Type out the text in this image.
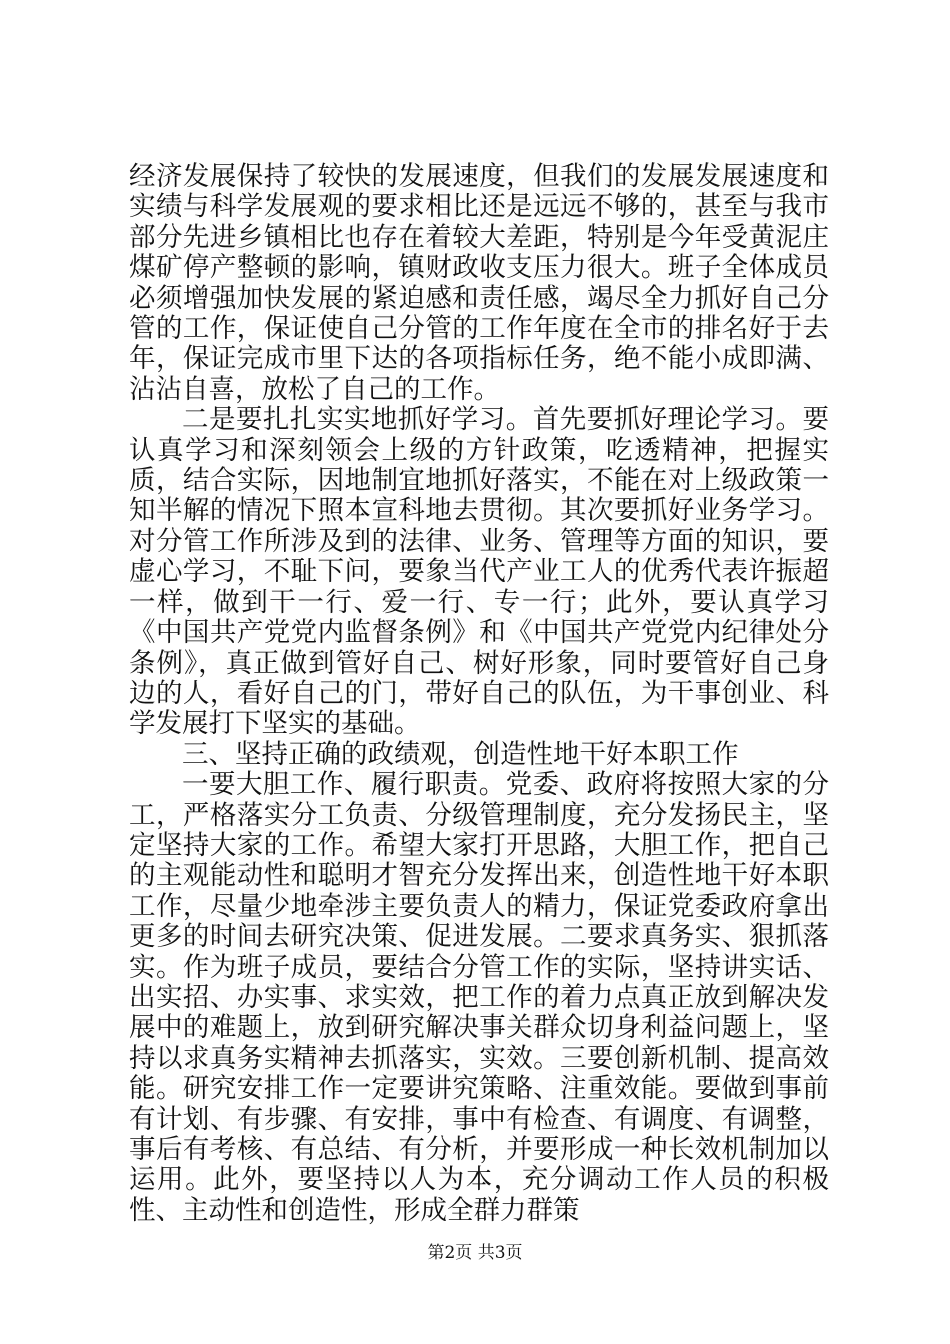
经济发展保持了较快的发展速度，但我们的发展发展速度和实绩与科学发展观的要求相比还是远远不够的，甚至与我市部分先进乡镇相比也存在着较大差距，特别是今年受黄泥庄煤矿停产整顿的影响，镇财政收支压力很大。班子全体成员必须增强加快发展的紧迫感和责任感，竭尽全力抓好自己分管的工作，保证使自己分管的工作年度在全市的排名好于去年，保证完成市里下达的各项指标任务，绝不能小成即满、沾沾自喜，放松了自己的工作。

二是要扎扎实实地抓好学习。首先要抓好理论学习。要认真学习和深刻领会上级的方针政策，吃透精神，把握实质，结合实际，因地制宜地抓好落实，不能在对上级政策一知半解的情况下照本宣科地去贯彻。其次要抓好业务学习。对分管工作所涉及到的法律、业务、管理等方面的知识，要虚心学习，不耻下问，要象当代产业工人的优秀代表许振超一样，做到干一行、爱一行、专一行；此外，要认真学习《中国共产党党内监督条例》和《中国共产党党内纪律处分条例》，真正做到管好自己、树好形象，同时要管好自己身边的人，看好自己的门，带好自己的队伍，为干事创业、科学发展打下坚实的基础。

三、坚持正确的政绩观，创造性地干好本职工作

一要大胆工作、履行职责。党委、政府将按照大家的分工，严格落实分工负责、分级管理制度，充分发扬民主，坚定坚持大家的工作。希望大家打开思路，大胆工作，把自己的主观能动性和聪明才智充分发挥出来，创造性地干好本职工作，尽量少地牵涉主要负责人的精力，保证党委政府拿出更多的时间去研究决策、促进发展。二要求真务实、狠抓落实。作为班子成员，要结合分管工作的实际，坚持讲实话、出实招、办实事、求实效，把工作的着力点真正放到解决发展中的难题上，放到研究解决事关群众切身利益问题上，坚持以求真务实精神去抓落实，实效。三要创新机制、提高效能。研究安排工作一定要讲究策略、注重效能。要做到事前有计划、有步骤、有安排，事中有检查、有调度、有调整，事后有考核、有总结、有分析，并要形成一种长效机制加以运用。此外，要坚持以人为本，充分调动工作人员的积极性、主动性和创造性，形成全群力群策

第2页 共3页
